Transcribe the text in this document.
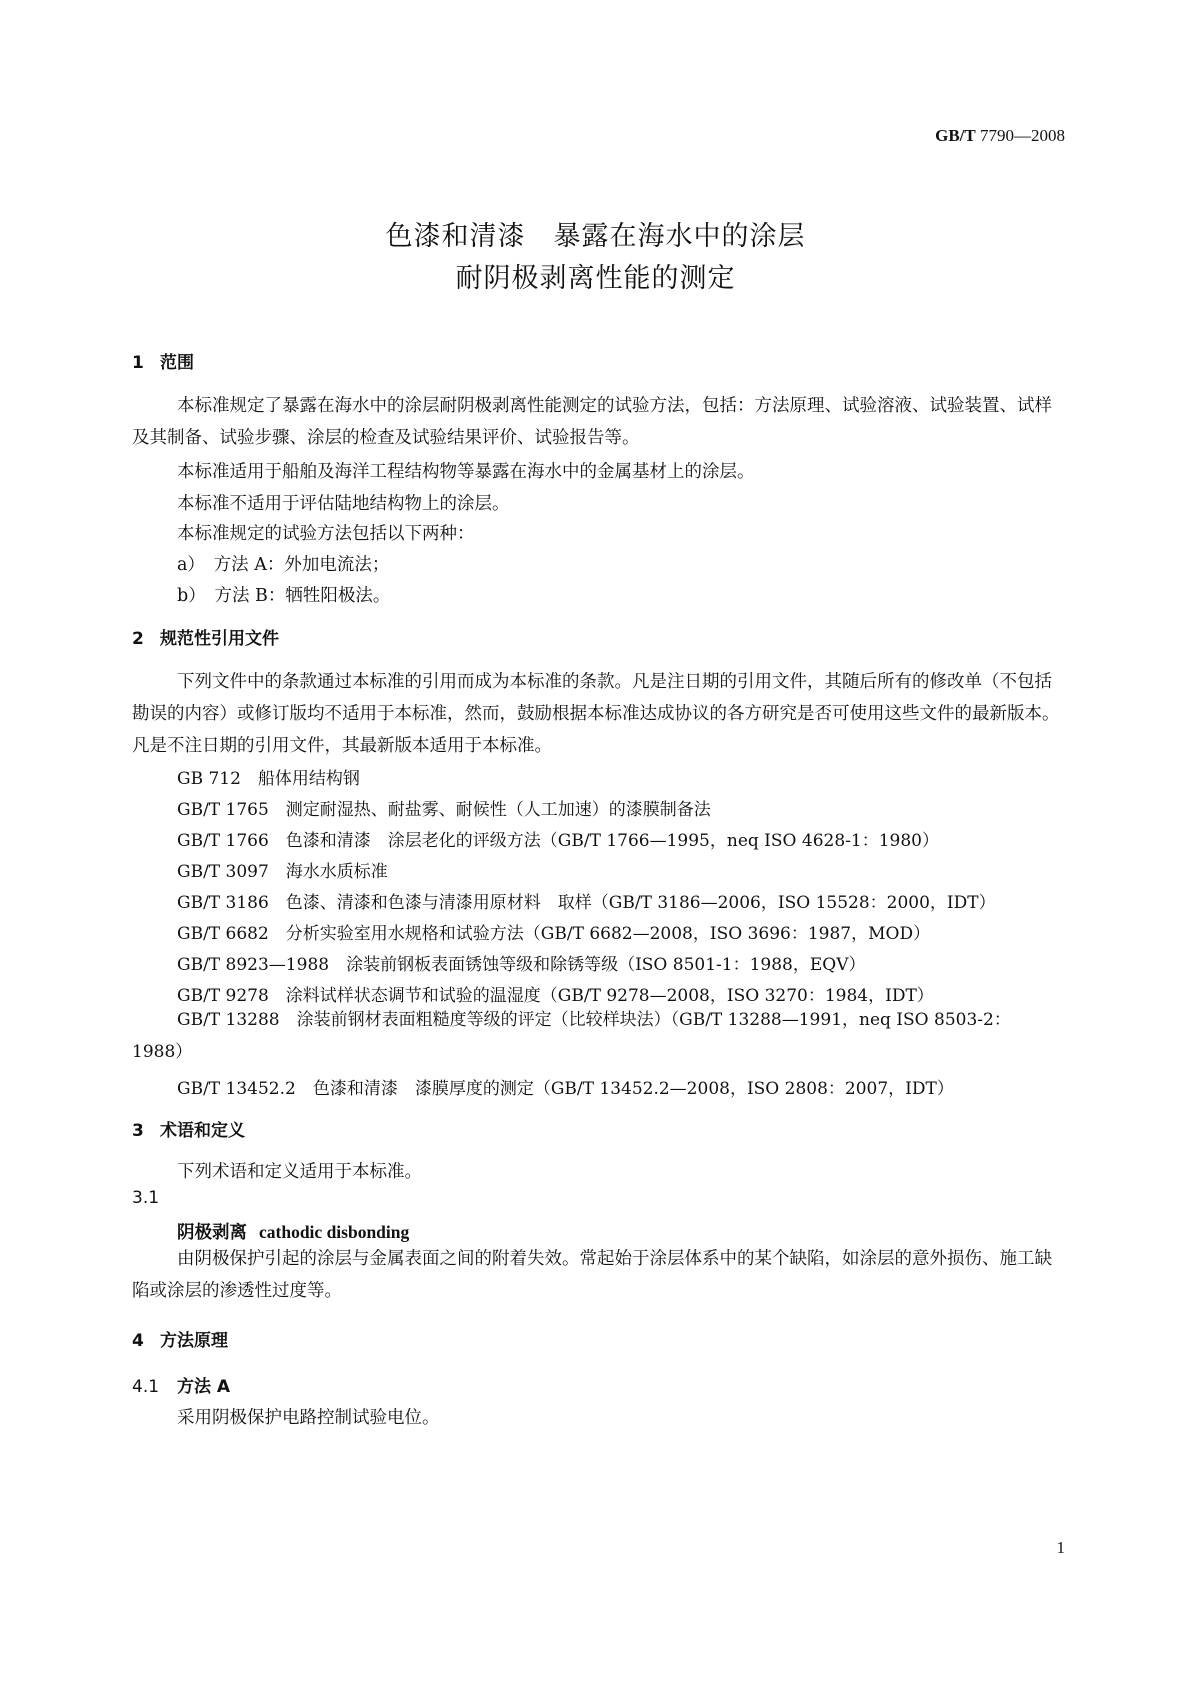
GB/T 7790—2008
色漆和清漆　暴露在海水中的涂层
耐阴极剥离性能的测定
1 范围
本标准规定了暴露在海水中的涂层耐阴极剥离性能测定的试验方法，包括：方法原理、试验溶液、试验装置、试样及其制备、试验步骤、涂层的检查及试验结果评价、试验报告等。
本标准适用于船舶及海洋工程结构物等暴露在海水中的金属基材上的涂层。
本标准不适用于评估陆地结构物上的涂层。
本标准规定的试验方法包括以下两种：
a）　方法 A：外加电流法；
b）　方法 B：牺牲阳极法。
2 规范性引用文件
下列文件中的条款通过本标准的引用而成为本标准的条款。凡是注日期的引用文件，其随后所有的修改单（不包括勘误的内容）或修订版均不适用于本标准，然而，鼓励根据本标准达成协议的各方研究是否可使用这些文件的最新版本。凡是不注日期的引用文件，其最新版本适用于本标准。
GB 712　船体用结构钢
GB/T 1765　测定耐湿热、耐盐雾、耐候性（人工加速）的漆膜制备法
GB/T 1766　色漆和清漆　涂层老化的评级方法（GB/T 1766—1995，neq ISO 4628-1：1980）
GB/T 3097　海水水质标准
GB/T 3186　色漆、清漆和色漆与清漆用原材料　取样（GB/T 3186—2006，ISO 15528：2000，IDT）
GB/T 6682　分析实验室用水规格和试验方法（GB/T 6682—2008，ISO 3696：1987，MOD）
GB/T 8923—1988　涂装前钢板表面锈蚀等级和除锈等级（ISO 8501-1：1988，EQV）
GB/T 9278　涂料试样状态调节和试验的温湿度（GB/T 9278—2008，ISO 3270：1984，IDT）
GB/T 13288　涂装前钢材表面粗糙度等级的评定（比较样块法）（GB/T 13288—1991，neq ISO 8503-2：1988）
GB/T 13452.2　色漆和清漆　漆膜厚度的测定（GB/T 13452.2—2008，ISO 2808：2007，IDT）
3 术语和定义
下列术语和定义适用于本标准。
3.1
阴极剥离 cathodic disbonding
由阴极保护引起的涂层与金属表面之间的附着失效。常起始于涂层体系中的某个缺陷，如涂层的意外损伤、施工缺陷或涂层的渗透性过度等。
4 方法原理
4.1 方法 A
采用阴极保护电路控制试验电位。
1
